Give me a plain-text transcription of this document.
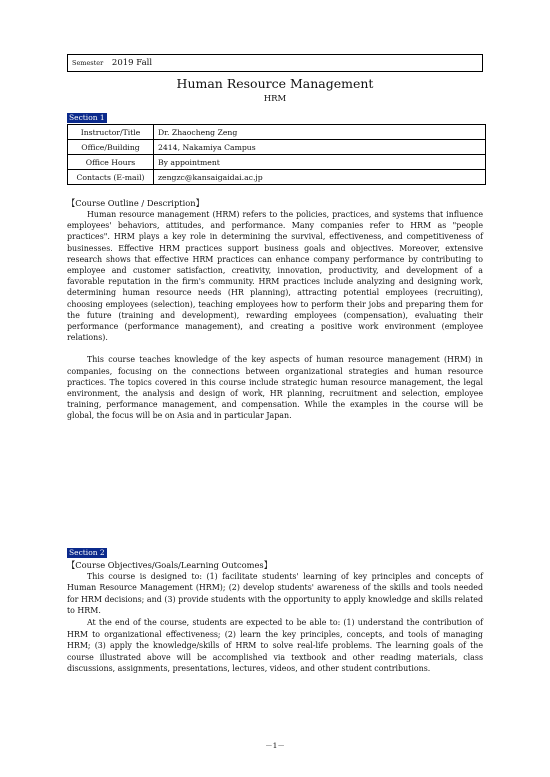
Semester 2019 Fall
Human Resource Management
HRM
Section 1
Instructor/Title	Dr. Zhaocheng Zeng
Office/Building	2414, Nakamiya Campus
Office Hours	By appointment
Contacts (E-mail)	zengzc@kansaigaidai.ac.jp
【Course Outline / Description】

Human resource management (HRM) refers to the policies, practices, and systems that influence employees' behaviors, attitudes, and performance. Many companies refer to HRM as "people practices". HRM plays a key role in determining the survival, effectiveness, and competitiveness of businesses. Effective HRM practices support business goals and objectives. Moreover, extensive research shows that effective HRM practices can enhance company performance by contributing to employee and customer satisfaction, creativity, innovation, productivity, and development of a favorable reputation in the firm's community. HRM practices include analyzing and designing work, determining human resource needs (HR planning), attracting potential employees (recruiting), choosing employees (selection), teaching employees how to perform their jobs and preparing them for the future (training and development), rewarding employees (compensation), evaluating their performance (performance management), and creating a positive work environment (employee relations).

This course teaches knowledge of the key aspects of human resource management (HRM) in companies, focusing on the connections between organizational strategies and human resource practices. The topics covered in this course include strategic human resource management, the legal environment, the analysis and design of work, HR planning, recruitment and selection, employee training, performance management, and compensation. While the examples in the course will be global, the focus will be on Asia and in particular Japan.

Section 2
【Course Objectives/Goals/Learning Outcomes】

This course is designed to: (1) facilitate students' learning of key principles and concepts of Human Resource Management (HRM); (2) develop students' awareness of the skills and tools needed for HRM decisions; and (3) provide students with the opportunity to apply knowledge and skills related to HRM.

At the end of the course, students are expected to be able to: (1) understand the contribution of HRM to organizational effectiveness; (2) learn the key principles, concepts, and tools of managing HRM; (3) apply the knowledge/skills of HRM to solve real-life problems. The learning goals of the course illustrated above will be accomplished via textbook and other reading materials, class discussions, assignments, presentations, lectures, videos, and other student contributions.

－1－
